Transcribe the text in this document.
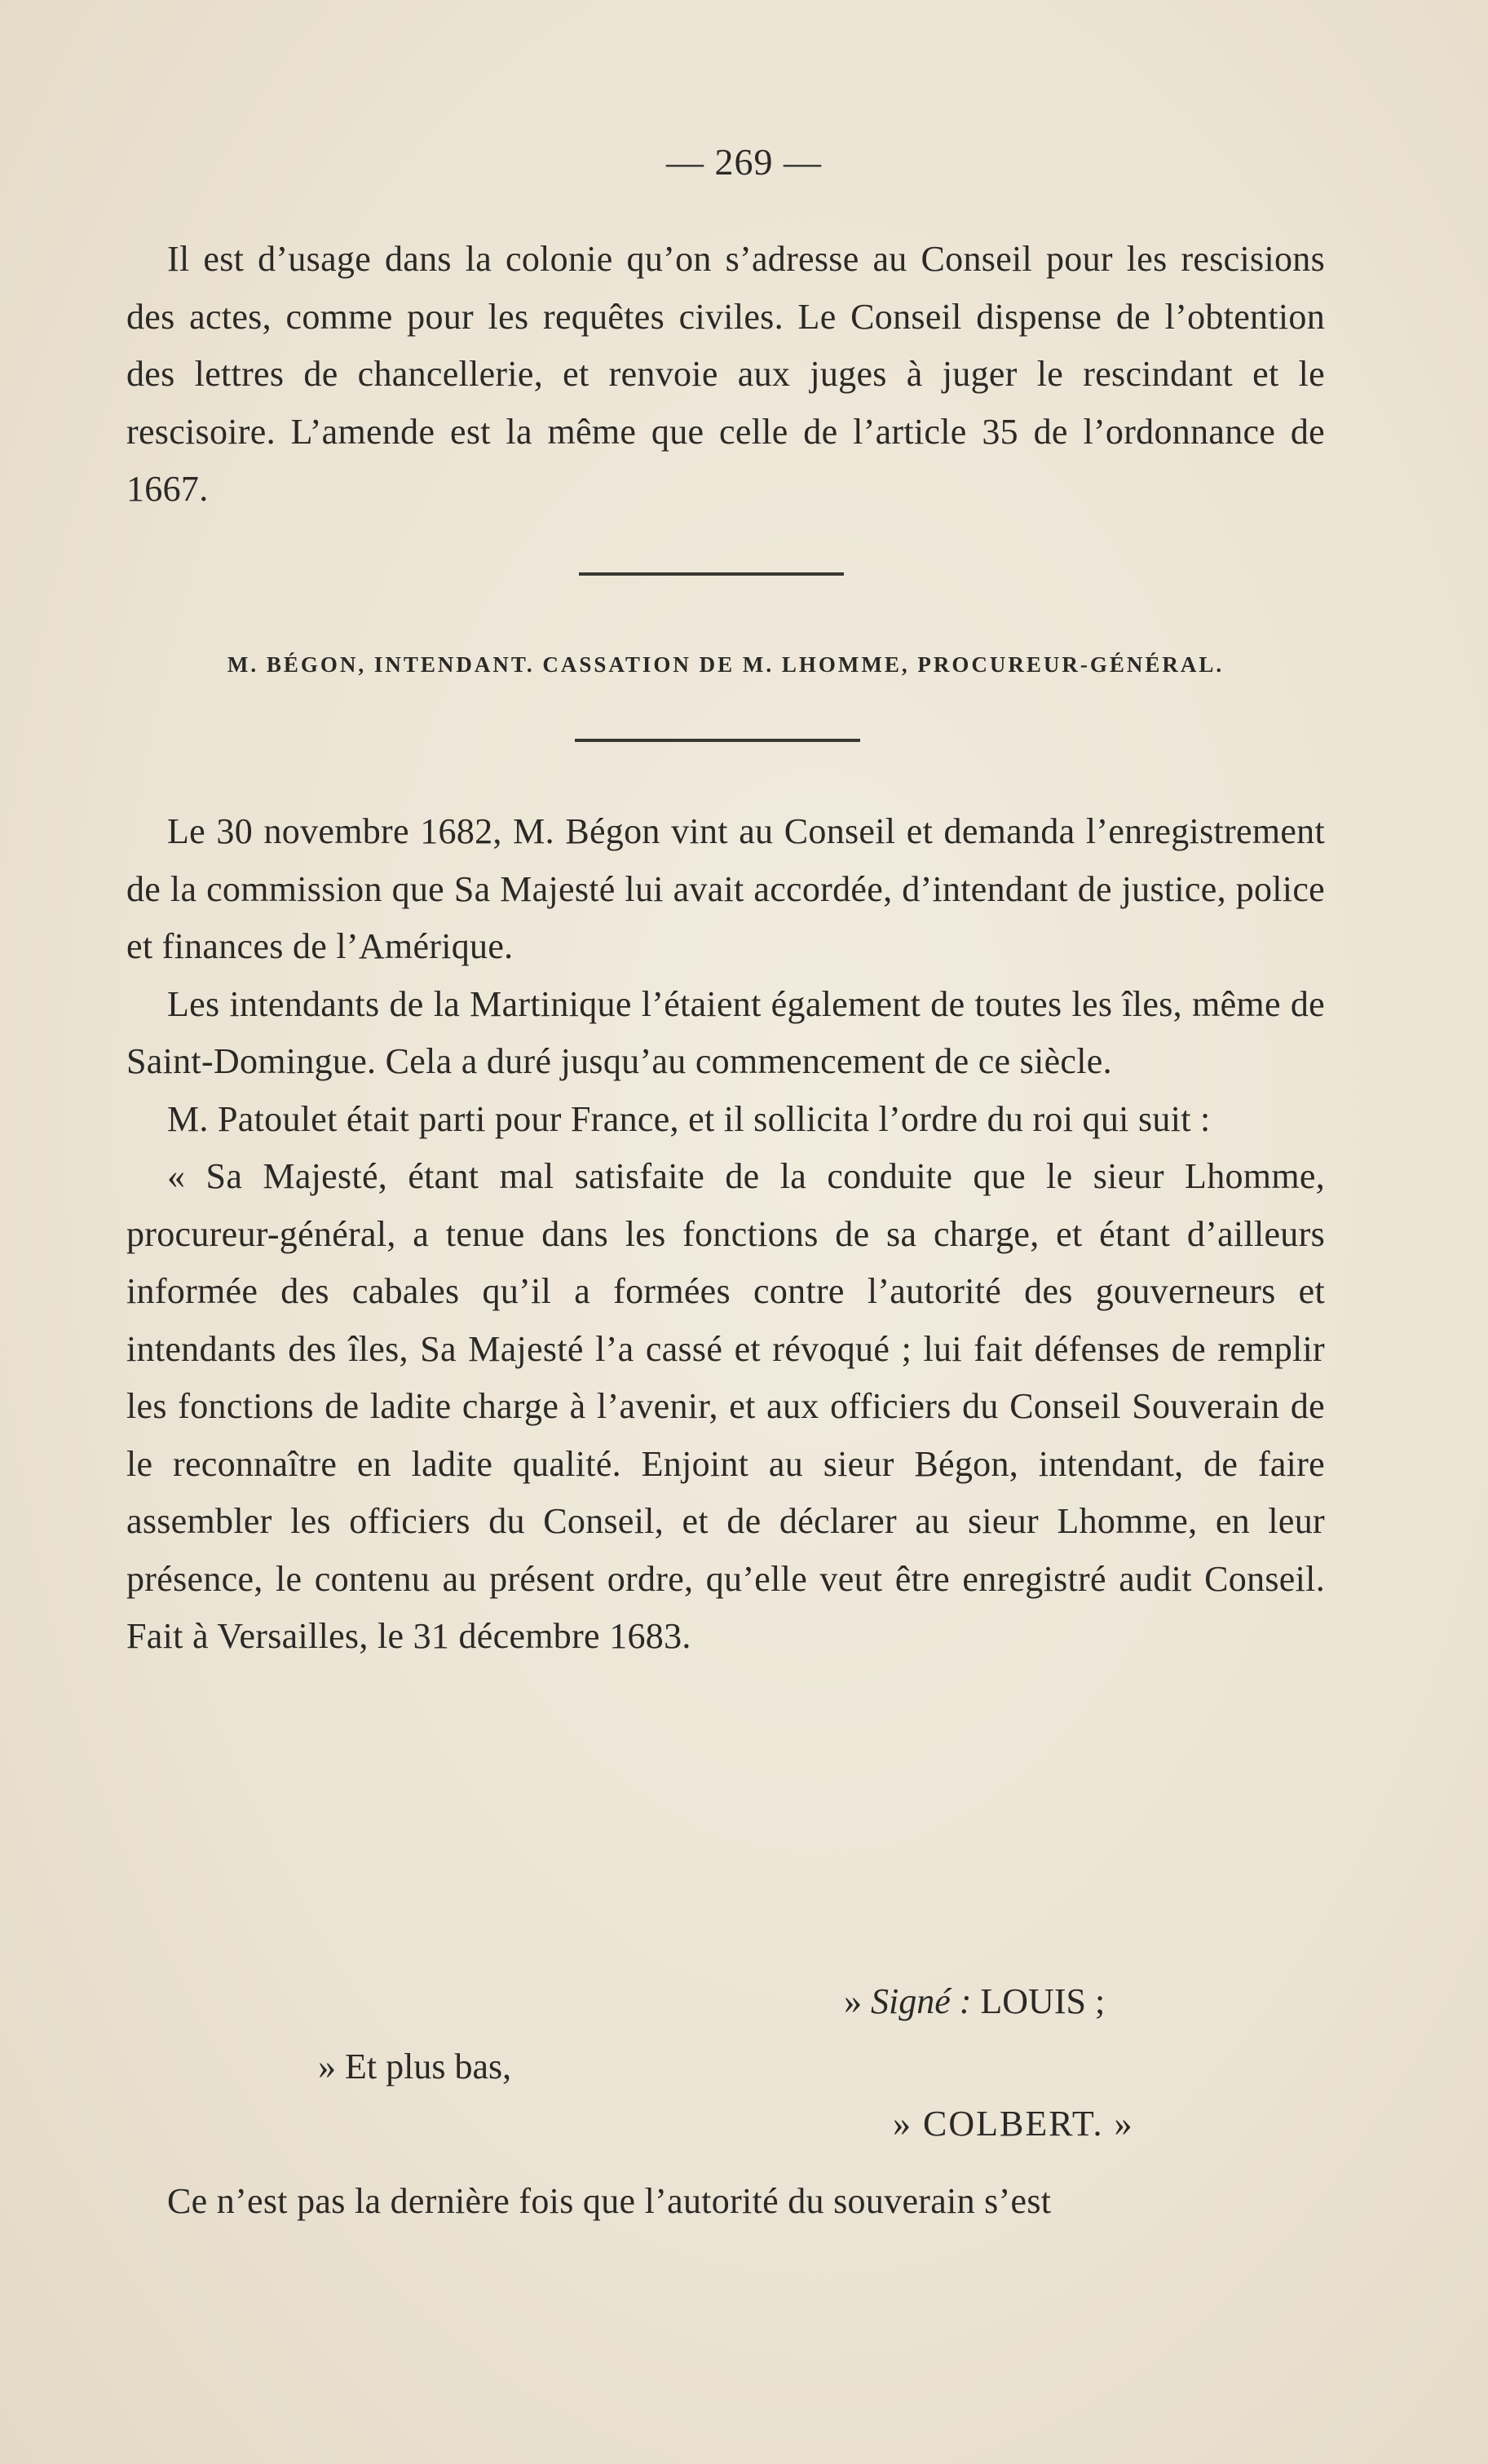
— 269 —

Il est d’usage dans la colonie qu’on s’adresse au Conseil pour les rescisions des actes, comme pour les requêtes civiles. Le Conseil dispense de l’obtention des lettres de chancellerie, et renvoie aux juges à juger le rescindant et le rescisoire. L’amende est la même que celle de l’article 35 de l’ordonnance de 1667.

M. BÉGON, INTENDANT. CASSATION DE M. LHOMME, PROCUREUR-GÉNÉRAL.

Le 30 novembre 1682, M. Bégon vint au Conseil et demanda l’enregistrement de la commission que Sa Majesté lui avait accordée, d’intendant de justice, police et finances de l’Amérique.

Les intendants de la Martinique l’étaient également de toutes les îles, même de Saint-Domingue. Cela a duré jusqu’au commencement de ce siècle.

M. Patoulet était parti pour France, et il sollicita l’ordre du roi qui suit :

« Sa Majesté, étant mal satisfaite de la conduite que le sieur Lhomme, procureur-général, a tenue dans les fonctions de sa charge, et étant d’ailleurs informée des cabales qu’il a formées contre l’autorité des gouverneurs et intendants des îles, Sa Majesté l’a cassé et révoqué ; lui fait défenses de remplir les fonctions de ladite charge à l’avenir, et aux officiers du Conseil Souverain de le reconnaître en ladite qualité. Enjoint au sieur Bégon, intendant, de faire assembler les officiers du Conseil, et de déclarer au sieur Lhomme, en leur présence, le contenu au présent ordre, qu’elle veut être enregistré audit Conseil. Fait à Versailles, le 31 décembre 1683.

» Signé : LOUIS ;
» Et plus bas,
» COLBERT. »

Ce n’est pas la dernière fois que l’autorité du souverain s’est
